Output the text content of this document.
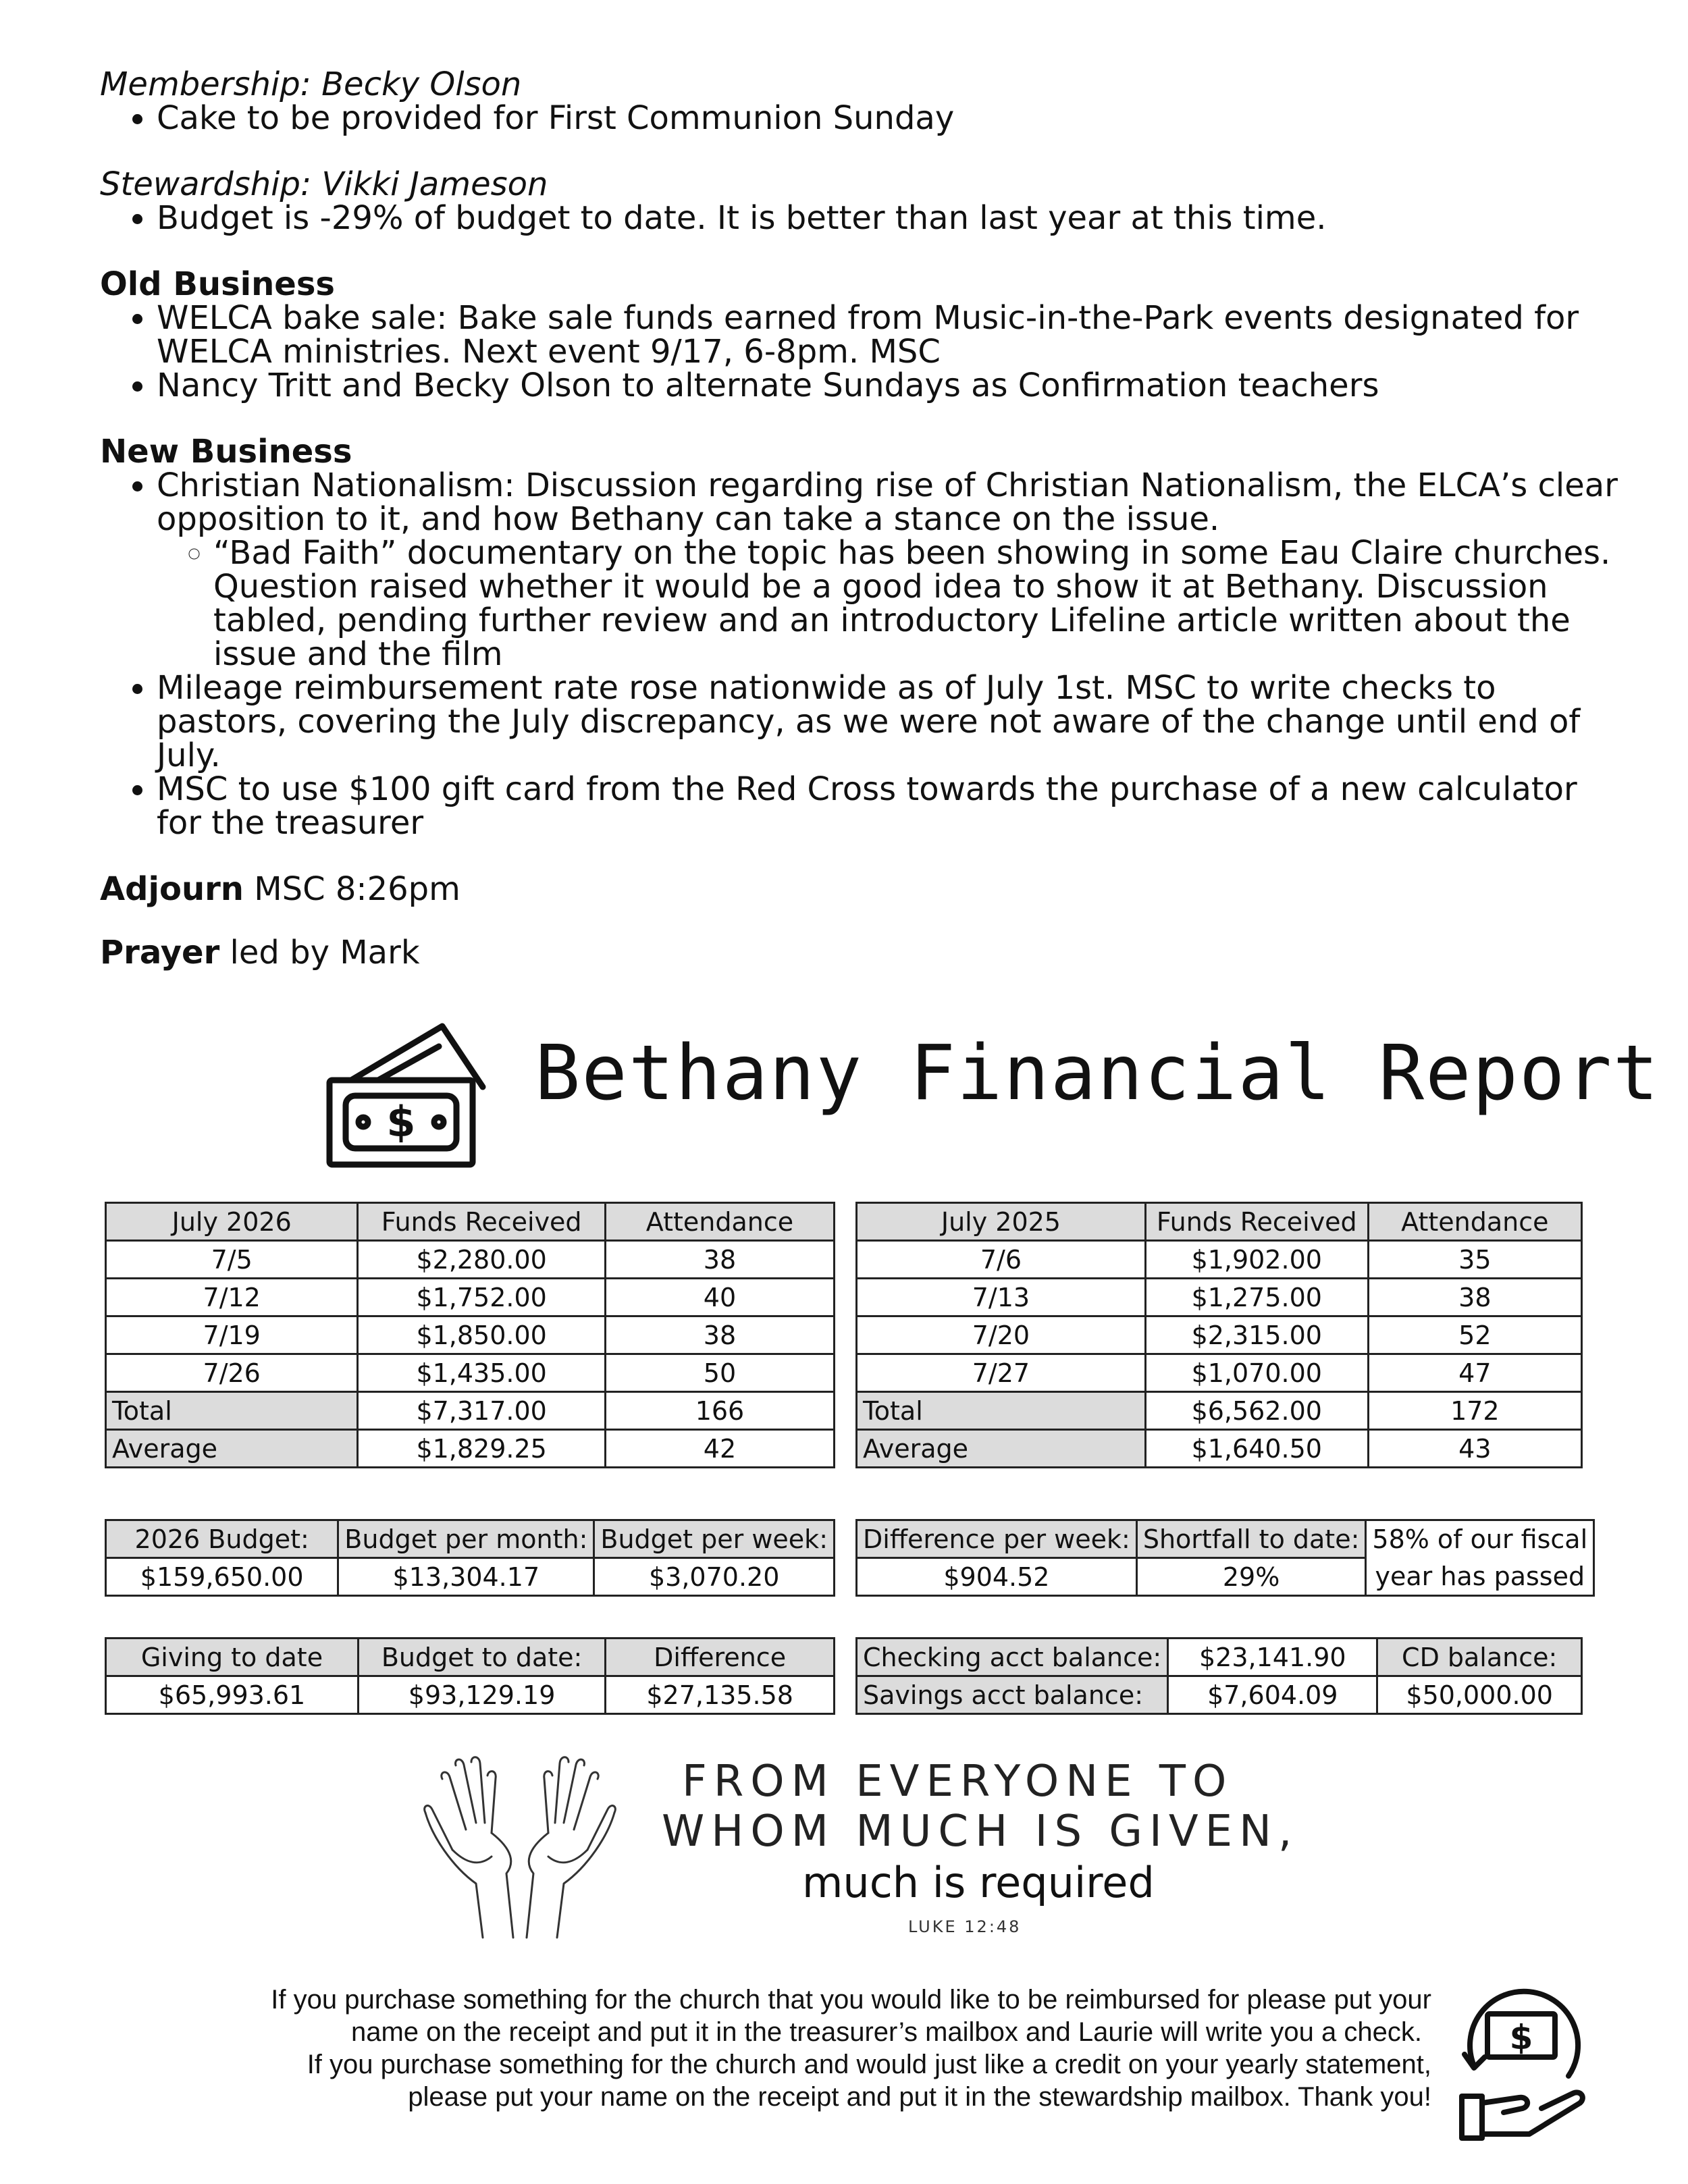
Membership: Becky Olson

• Cake to be provided for First Communion Sunday

Stewardship: Vikki Jameson

• Budget is -29% of budget to date. It is better than last year at this time.

Old Business

• WELCA bake sale: Bake sale funds earned from Music-in-the-Park events designated for WELCA ministries. Next event 9/17, 6-8pm. MSC
• Nancy Tritt and Becky Olson to alternate Sundays as Confirmation teachers

New Business

• Christian Nationalism: Discussion regarding rise of Christian Nationalism, the ELCA’s clear opposition to it, and how Bethany can take a stance on the issue.
◦ “Bad Faith” documentary on the topic has been showing in some Eau Claire churches. Question raised whether it would be a good idea to show it at Bethany. Discussion tabled, pending further review and an introductory Lifeline article written about the issue and the film
• Mileage reimbursement rate rose nationwide as of July 1st. MSC to write checks to pastors, covering the July discrepancy, as we were not aware of the change until end of July.
• MSC to use $100 gift card from the Red Cross towards the purchase of a new calculator for the treasurer

Adjourn MSC 8:26pm

Prayer led by Mark

$
Bethany Financial Report
July 2026	Funds Received	Attendance
7/5	$2,280.00	38
7/12	$1,752.00	40
7/19	$1,850.00	38
7/26	$1,435.00	50
Total	$7,317.00	166
Average	$1,829.25	42
July 2025	Funds Received	Attendance
7/6	$1,902.00	35
7/13	$1,275.00	38
7/20	$2,315.00	52
7/27	$1,070.00	47
Total	$6,562.00	172
Average	$1,640.50	43
2026 Budget:	Budget per month:	Budget per week:
$159,650.00	$13,304.17	$3,070.20
Difference per week:	Shortfall to date:	58% of our fiscal
$904.52	29%	year has passed
Giving to date	Budget to date:	Difference
$65,993.61	$93,129.19	$27,135.58
Checking acct balance:	$23,141.90	CD balance:
Savings acct balance:	$7,604.09	$50,000.00
FROM EVERYONE TO
WHOM MUCH IS GIVEN,
much is required
LUKE 12:48
If you purchase something for the church that you would like to be reimbursed for please put your
name on the receipt and put it in the treasurer’s mailbox and Laurie will write you a check.
If you purchase something for the church and would just like a credit on your yearly statement,
please put your name on the receipt and put it in the stewardship mailbox. Thank you!
$
